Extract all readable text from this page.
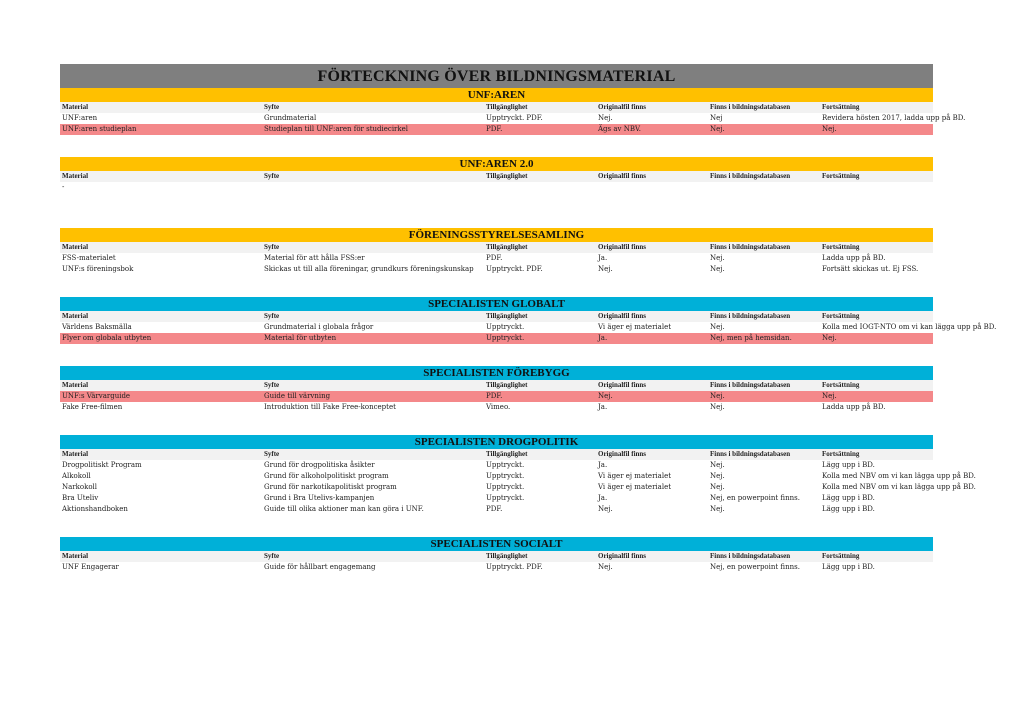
FÖRTECKNING ÖVER BILDNINGSMATERIAL
UNF:AREN
Material	Syfte	Tillgänglighet	Originalfil finns	Finns i bildningsdatabasen	Fortsättning
UNF:aren	Grundmaterial	Upptryckt. PDF.	Nej.	Nej	Revidera hösten 2017, ladda upp på BD.
UNF:aren studieplan	Studieplan till UNF:aren för studiecirkel	PDF.	Ägs av NBV.	Nej.	Nej.
UNF:AREN 2.0
Material	Syfte	Tillgänglighet	Originalfil finns	Finns i bildningsdatabasen	Fortsättning
-
FÖRENINGSSTYRELSESAMLING
Material	Syfte	Tillgänglighet	Originalfil finns	Finns i bildningsdatabasen	Fortsättning
FSS-materialet	Material för att hålla FSS:er	PDF.	Ja.	Nej.	Ladda upp på BD.
UNF:s föreningsbok	Skickas ut till alla föreningar, grundkurs föreningskunskap	Upptryckt. PDF.	Nej.	Nej.	Fortsätt skickas ut. Ej FSS.
SPECIALISTEN GLOBALT
Material	Syfte	Tillgänglighet	Originalfil finns	Finns i bildningsdatabasen	Fortsättning
Världens Baksmälla	Grundmaterial i globala frågor	Upptryckt.	Vi äger ej materialet	Nej.	Kolla med IOGT-NTO om vi kan lägga upp på BD.
Flyer om globala utbyten	Material för utbyten	Upptryckt.	Ja.	Nej, men på hemsidan.	Nej.
SPECIALISTEN FÖREBYGG
Material	Syfte	Tillgänglighet	Originalfil finns	Finns i bildningsdatabasen	Fortsättning
UNF:s Värvarguide	Guide till värvning	PDF.	Nej.	Nej.	Nej.
Fake Free-filmen	Introduktion till Fake Free-konceptet	Vimeo.	Ja.	Nej.	Ladda upp på BD.
SPECIALISTEN DROGPOLITIK
Material	Syfte	Tillgänglighet	Originalfil finns	Finns i bildningsdatabasen	Fortsättning
Drogpolitiskt Program	Grund för drogpolitiska åsikter	Upptryckt.	Ja.	Nej.	Lägg upp i BD.
Alkokoll	Grund för alkoholpolitiskt program	Upptryckt.	Vi äger ej materialet	Nej.	Kolla med NBV om vi kan lägga upp på BD.
Narkokoll	Grund för narkotikapolitiskt program	Upptryckt.	Vi äger ej materialet	Nej.	Kolla med NBV om vi kan lägga upp på BD.
Bra Uteliv	Grund i Bra Utelivs-kampanjen	Upptryckt.	Ja.	Nej, en powerpoint finns.	Lägg upp i BD.
Aktionshandboken	Guide till olika aktioner man kan göra i UNF.	PDF.	Nej.	Nej.	Lägg upp i BD.
SPECIALISTEN SOCIALT
Material	Syfte	Tillgänglighet	Originalfil finns	Finns i bildningsdatabasen	Fortsättning
UNF Engagerar	Guide för hållbart engagemang	Upptryckt. PDF.	Nej.	Nej, en powerpoint finns.	Lägg upp i BD.
